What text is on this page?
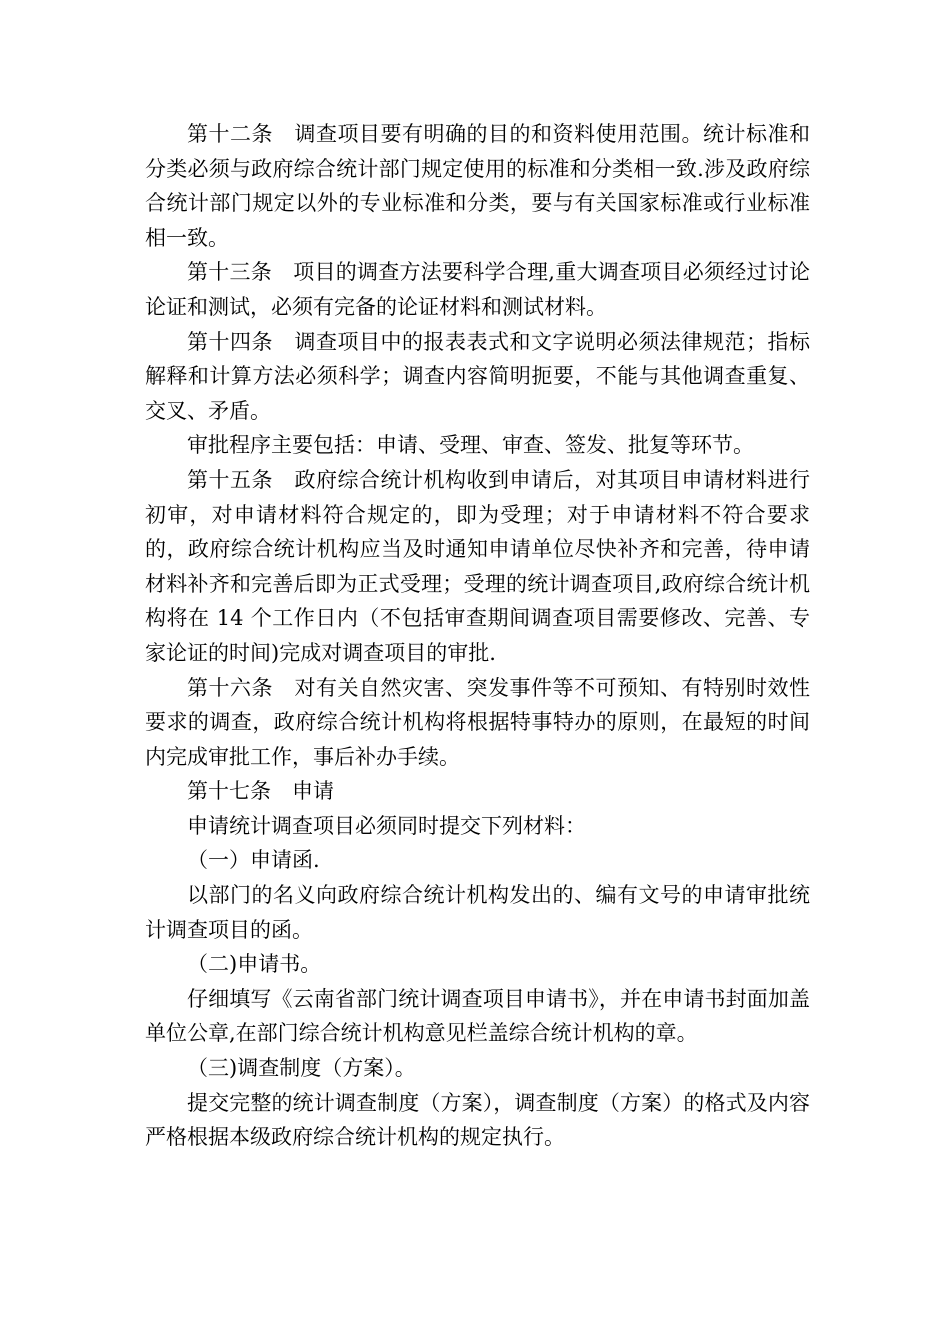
第十二条　调查项目要有明确的目的和资料使用范围。统计标准和分类必须与政府综合统计部门规定使用的标准和分类相一致.涉及政府综合统计部门规定以外的专业标准和分类，要与有关国家标准或行业标准相一致。

第十三条　项目的调查方法要科学合理,重大调查项目必须经过讨论论证和测试，必须有完备的论证材料和测试材料。

第十四条　调查项目中的报表表式和文字说明必须法律规范；指标解释和计算方法必须科学；调查内容简明扼要，不能与其他调查重复、交叉、矛盾。

审批程序主要包括：申请、受理、审查、签发、批复等环节。

第十五条　政府综合统计机构收到申请后，对其项目申请材料进行初审，对申请材料符合规定的，即为受理；对于申请材料不符合要求的，政府综合统计机构应当及时通知申请单位尽快补齐和完善，待申请材料补齐和完善后即为正式受理；受理的统计调查项目,政府综合统计机构将在 14 个工作日内（不包括审查期间调查项目需要修改、完善、专家论证的时间)完成对调查项目的审批.

第十六条　对有关自然灾害、突发事件等不可预知、有特别时效性要求的调查，政府综合统计机构将根据特事特办的原则，在最短的时间内完成审批工作，事后补办手续。

第十七条　申请

申请统计调查项目必须同时提交下列材料：

（一）申请函.

以部门的名义向政府综合统计机构发出的、编有文号的申请审批统计调查项目的函。

（二)申请书。

仔细填写《云南省部门统计调查项目申请书》，并在申请书封面加盖单位公章,在部门综合统计机构意见栏盖综合统计机构的章。

（三)调查制度（方案）。

提交完整的统计调查制度（方案），调查制度（方案）的格式及内容严格根据本级政府综合统计机构的规定执行。
